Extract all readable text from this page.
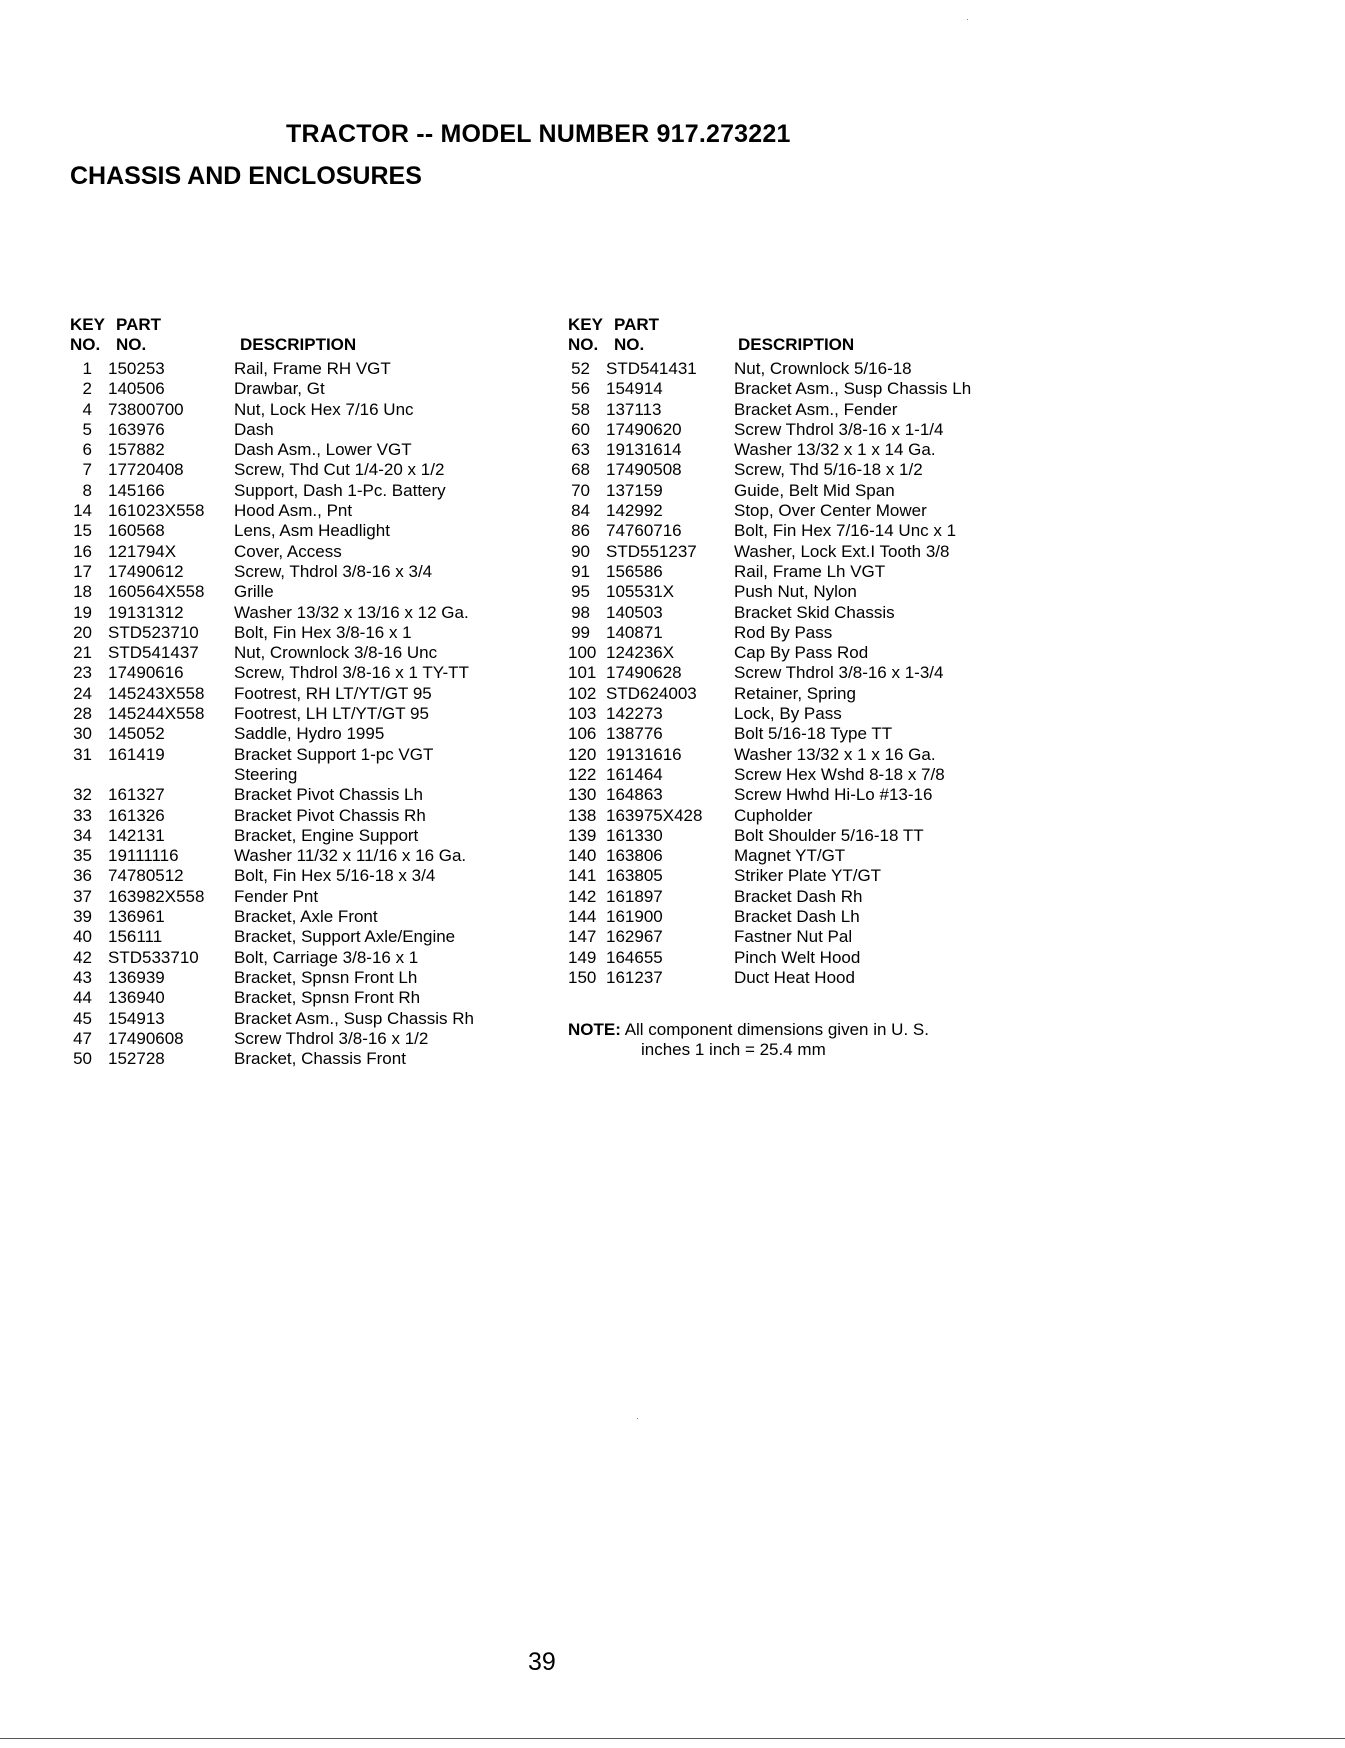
TRACTOR -- MODEL NUMBER 917.273221
CHASSIS AND ENCLOSURES
KEY PART
NO. NO.	DESCRIPTION
1 150253	Rail, Frame RH VGT
2 140506	Drawbar, Gt
4 73800700	Nut, Lock Hex 7/16 Unc
5 163976	Dash
6 157882	Dash Asm., Lower VGT
7 17720408	Screw, Thd Cut 1/4-20 x 1/2
8 145166	Support, Dash 1-Pc. Battery
14 161023X558	Hood Asm., Pnt
15 160568	Lens, Asm Headlight
16 121794X	Cover, Access
17 17490612	Screw, Thdrol 3/8-16 x 3/4
18 160564X558	Grille
19 19131312	Washer 13/32 x 13/16 x 12 Ga.
20 STD523710	Bolt, Fin Hex 3/8-16 x 1
21 STD541437	Nut, Crownlock 3/8-16 Unc
23 17490616	Screw, Thdrol 3/8-16 x 1 TY-TT
24 145243X558	Footrest, RH LT/YT/GT 95
28 145244X558	Footrest, LH LT/YT/GT 95
30 145052	Saddle, Hydro 1995
31 161419	Bracket Support 1-pc VGT
Steering
32 161327	Bracket Pivot Chassis Lh
33 161326	Bracket Pivot Chassis Rh
34 142131	Bracket, Engine Support
35 19111116	Washer 11/32 x 11/16 x 16 Ga.
36 74780512	Bolt, Fin Hex 5/16-18 x 3/4
37 163982X558	Fender Pnt
39 136961	Bracket, Axle Front
40 156111	Bracket, Support Axle/Engine
42 STD533710	Bolt, Carriage 3/8-16 x 1
43 136939	Bracket, Spnsn Front Lh
44 136940	Bracket, Spnsn Front Rh
45 154913	Bracket Asm., Susp Chassis Rh
47 17490608	Screw Thdrol 3/8-16 x 1/2
50 152728	Bracket, Chassis Front
KEY PART
NO. NO.	DESCRIPTION
52 STD541431	Nut, Crownlock 5/16-18
56 154914	Bracket Asm., Susp Chassis Lh
58 137113	Bracket Asm., Fender
60 17490620	Screw Thdrol 3/8-16 x 1-1/4
63 19131614	Washer 13/32 x 1 x 14 Ga.
68 17490508	Screw, Thd 5/16-18 x 1/2
70 137159	Guide, Belt Mid Span
84 142992	Stop, Over Center Mower
86 74760716	Bolt, Fin Hex 7/16-14 Unc x 1
90 STD551237	Washer, Lock Ext.I Tooth 3/8
91 156586	Rail, Frame Lh VGT
95 105531X	Push Nut, Nylon
98 140503	Bracket Skid Chassis
99 140871	Rod By Pass
100 124236X	Cap By Pass Rod
101 17490628	Screw Thdrol 3/8-16 x 1-3/4
102 STD624003	Retainer, Spring
103 142273	Lock, By Pass
106 138776	Bolt 5/16-18 Type TT
120 19131616	Washer 13/32 x 1 x 16 Ga.
122 161464	Screw Hex Wshd 8-18 x 7/8
130 164863	Screw Hwhd Hi-Lo #13-16
138 163975X428	Cupholder
139 161330	Bolt Shoulder 5/16-18 TT
140 163806	Magnet YT/GT
141 163805	Striker Plate YT/GT
142 161897	Bracket Dash Rh
144 161900	Bracket Dash Lh
147 162967	Fastner Nut Pal
149 164655	Pinch Welt Hood
150 161237	Duct Heat Hood
NOTE: All component dimensions given in U. S.
inches 1 inch = 25.4 mm
39
